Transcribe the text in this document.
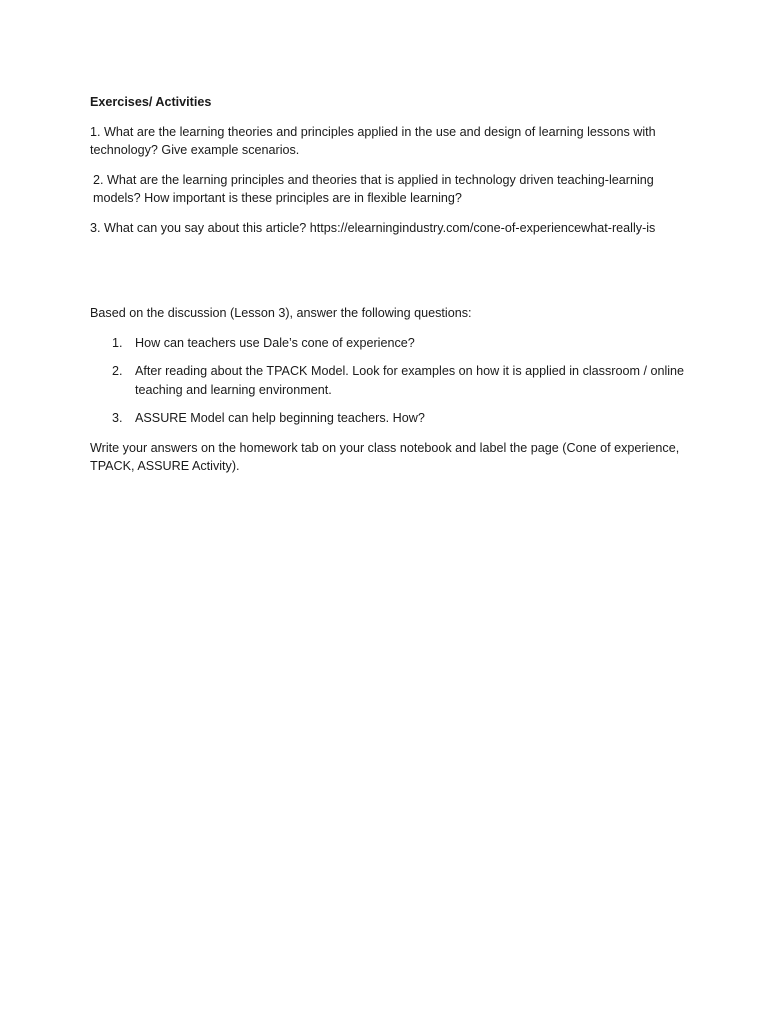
Exercises/ Activities

1. What are the learning theories and principles applied in the use and design of learning lessons with technology? Give example scenarios.

2. What are the learning principles and theories that is applied in technology driven teaching-learning models? How important is these principles are in flexible learning?

3. What can you say about this article? https://elearningindustry.com/cone-of-experiencewhat-really-is

Based on the discussion (Lesson 3), answer the following questions:

1. How can teachers use Dale’s cone of experience?
2. After reading about the TPACK Model. Look for examples on how it is applied in classroom / online teaching and learning environment.
3. ASSURE Model can help beginning teachers. How?

Write your answers on the homework tab on your class notebook and label the page (Cone of experience, TPACK, ASSURE Activity).
